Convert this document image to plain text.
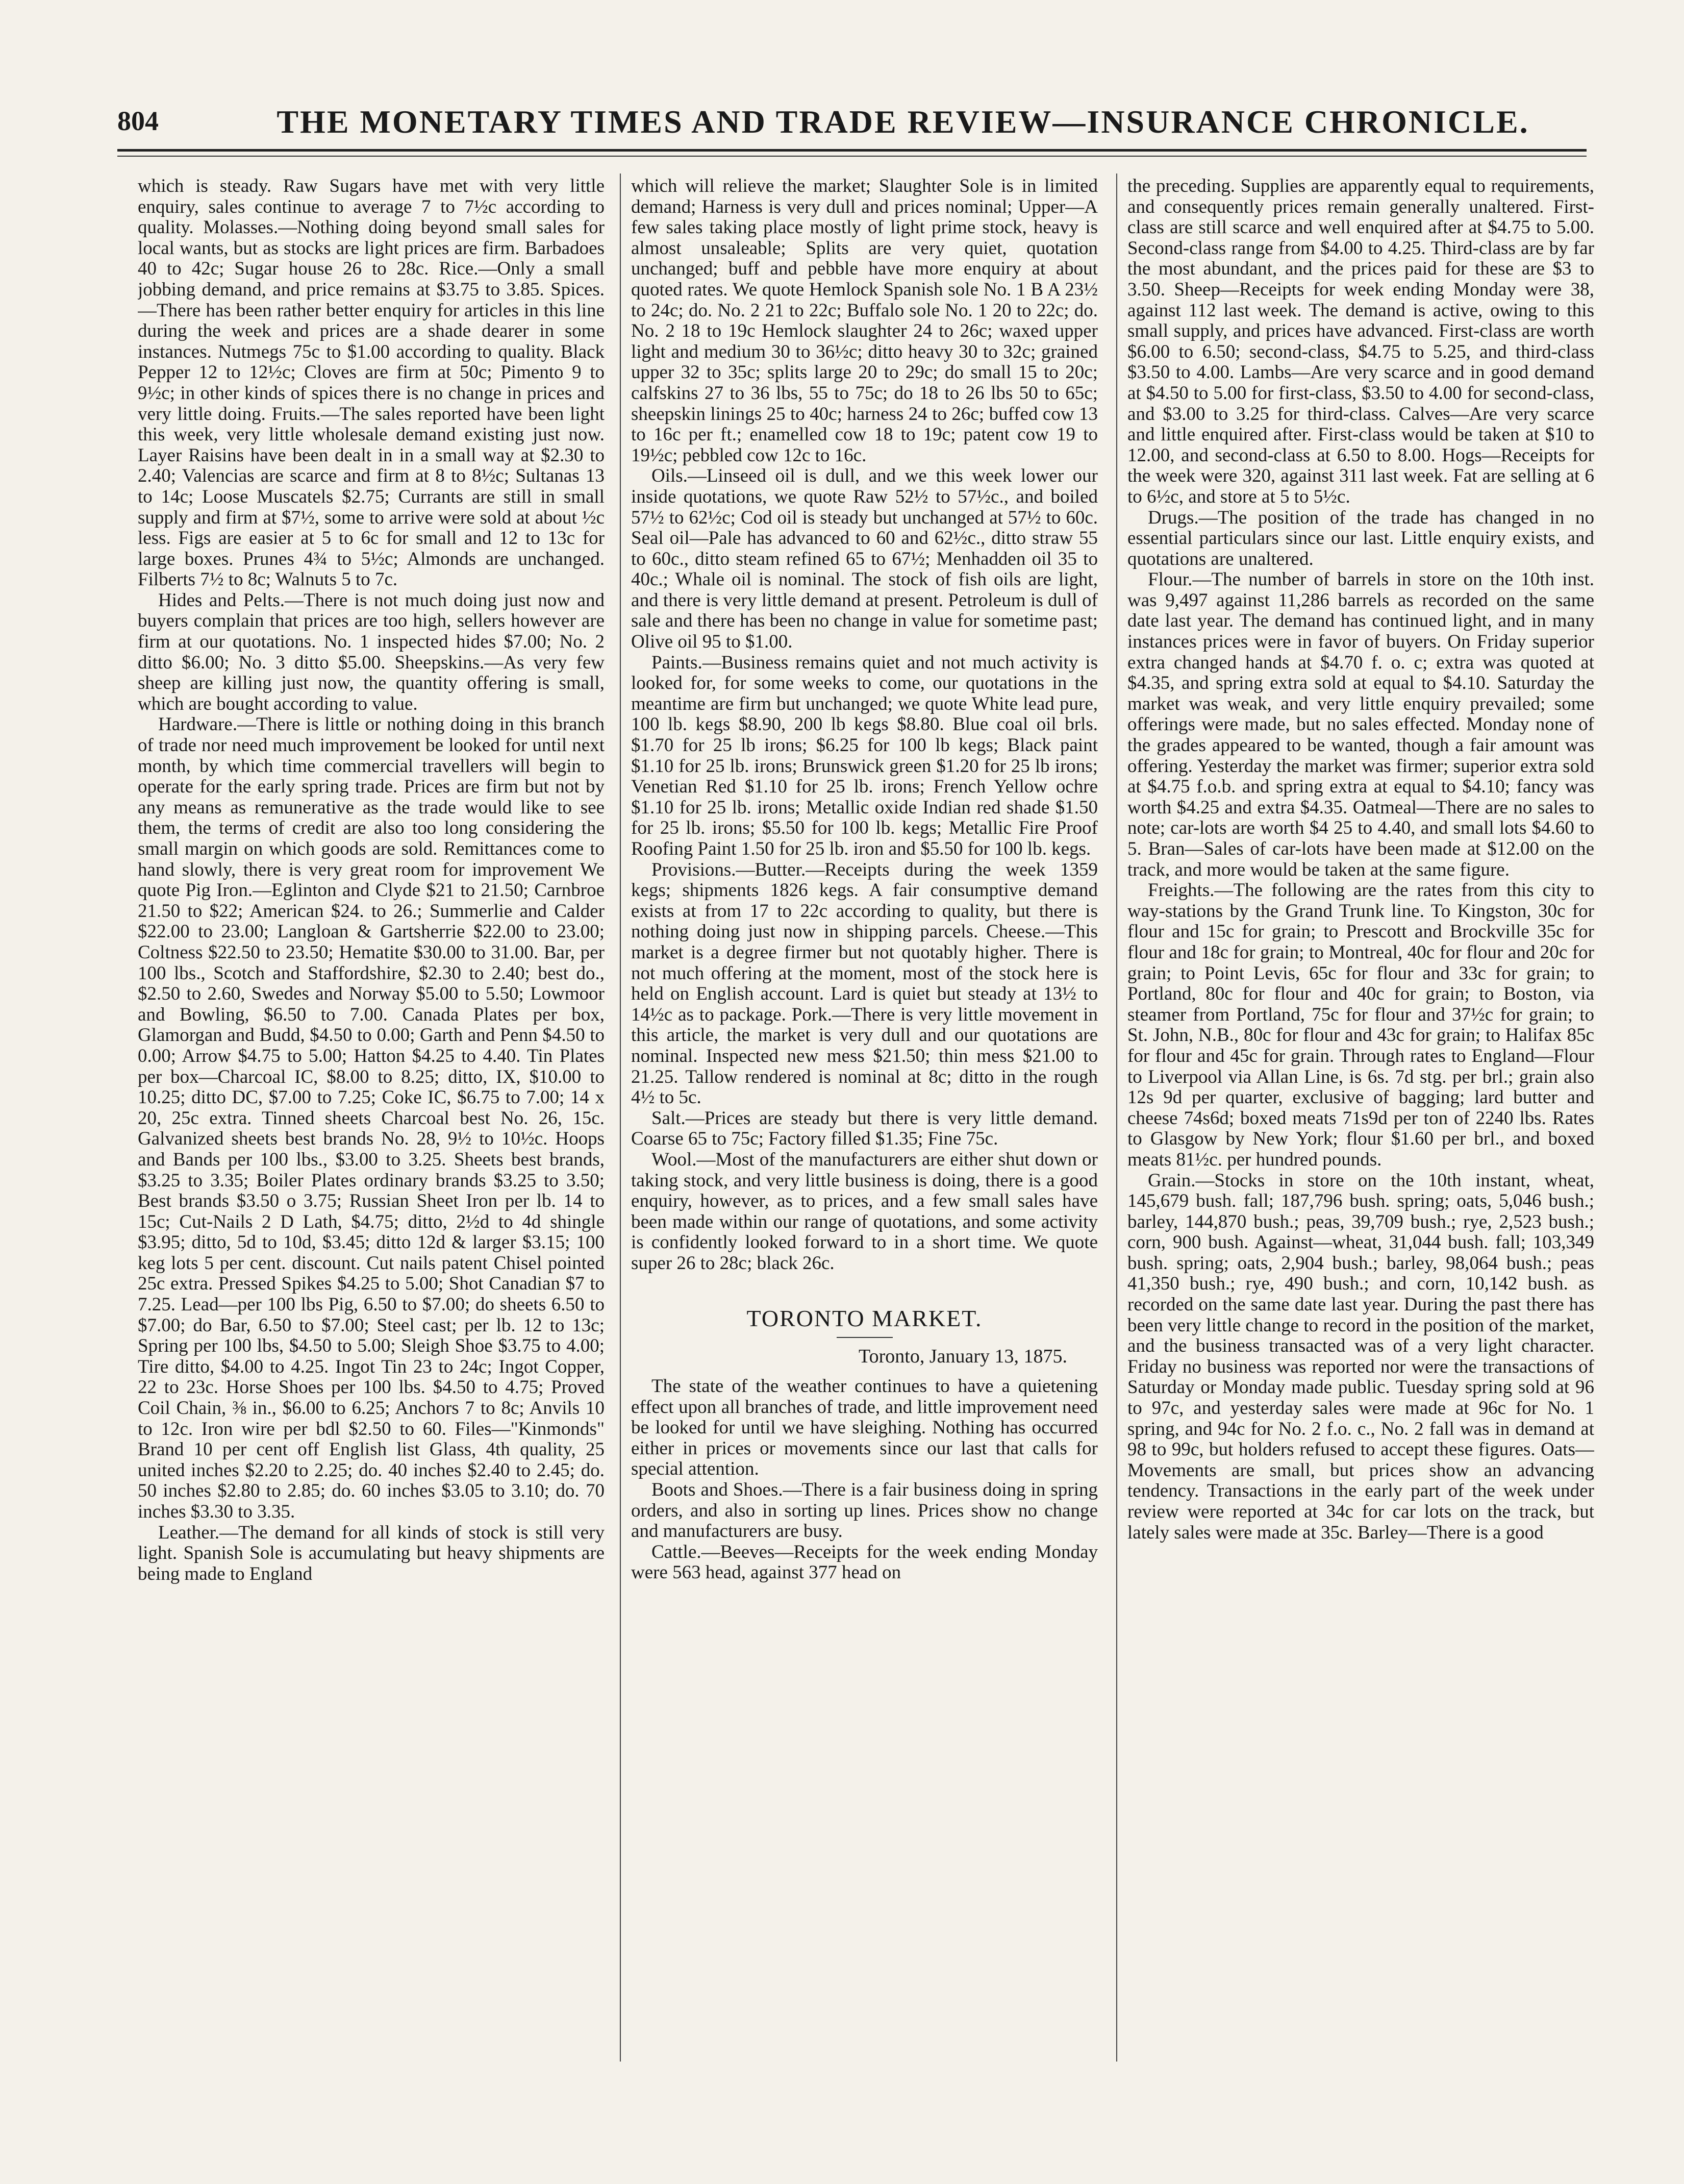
804	THE MONETARY TIMES AND TRADE REVIEW—INSURANCE CHRONICLE.

which is steady. Raw Sugars have met with very little enquiry, sales continue to average 7 to 7½c according to quality. Molasses.—Nothing doing beyond small sales for local wants, but as stocks are light prices are firm. Barbadoes 40 to 42c; Sugar house 26 to 28c. Rice.—Only a small jobbing demand, and price remains at $3.75 to 3.85. Spices.—There has been rather better enquiry for articles in this line during the week and prices are a shade dearer in some instances. Nutmegs 75c to $1.00 according to quality. Black Pepper 12 to 12½c; Cloves are firm at 50c; Pimento 9 to 9½c; in other kinds of spices there is no change in prices and very little doing. Fruits.—The sales reported have been light this week, very little wholesale demand existing just now. Layer Raisins have been dealt in in a small way at $2.30 to 2.40; Valencias are scarce and firm at 8 to 8½c; Sultanas 13 to 14c; Loose Muscatels $2.75; Currants are still in small supply and firm at $7½, some to arrive were sold at about ½c less. Figs are easier at 5 to 6c for small and 12 to 13c for large boxes. Prunes 4¾ to 5½c; Almonds are unchanged. Filberts 7½ to 8c; Walnuts 5 to 7c.

Hides and Pelts.—There is not much doing just now and buyers complain that prices are too high, sellers however are firm at our quotations. No. 1 inspected hides $7.00; No. 2 ditto $6.00; No. 3 ditto $5.00. Sheepskins.—As very few sheep are killing just now, the quantity offering is small, which are bought according to value.

Hardware.—There is little or nothing doing in this branch of trade nor need much improvement be looked for until next month, by which time commercial travellers will begin to operate for the early spring trade. Prices are firm but not by any means as remunerative as the trade would like to see them, the terms of credit are also too long considering the small margin on which goods are sold. Remittances come to hand slowly, there is very great room for improvement We quote Pig Iron.—Eglinton and Clyde $21 to 21.50; Carnbroe 21.50 to $22; American $24. to 26.; Summerlie and Calder $22.00 to 23.00; Langloan & Gartsherrie $22.00 to 23.00; Coltness $22.50 to 23.50; Hematite $30.00 to 31.00. Bar, per 100 lbs., Scotch and Staffordshire, $2.30 to 2.40; best do., $2.50 to 2.60, Swedes and Norway $5.00 to 5.50; Lowmoor and Bowling, $6.50 to 7.00. Canada Plates per box, Glamorgan and Budd, $4.50 to 0.00; Garth and Penn $4.50 to 0.00; Arrow $4.75 to 5.00; Hatton $4.25 to 4.40. Tin Plates per box—Charcoal IC, $8.00 to 8.25; ditto, IX, $10.00 to 10.25; ditto DC, $7.00 to 7.25; Coke IC, $6.75 to 7.00; 14 x 20, 25c extra. Tinned sheets Charcoal best No. 26, 15c. Galvanized sheets best brands No. 28, 9½ to 10½c. Hoops and Bands per 100 lbs., $3.00 to 3.25. Sheets best brands, $3.25 to 3.35; Boiler Plates ordinary brands $3.25 to 3.50; Best brands $3.50 o 3.75; Russian Sheet Iron per lb. 14 to 15c; Cut-Nails 2 D Lath, $4.75; ditto, 2½d to 4d shingle $3.95; ditto, 5d to 10d, $3.45; ditto 12d & larger $3.15; 100 keg lots 5 per cent. discount. Cut nails patent Chisel pointed 25c extra. Pressed Spikes $4.25 to 5.00; Shot Canadian $7 to 7.25. Lead—per 100 lbs Pig, 6.50 to $7.00; do sheets 6.50 to $7.00; do Bar, 6.50 to $7.00; Steel cast; per lb. 12 to 13c; Spring per 100 lbs, $4.50 to 5.00; Sleigh Shoe $3.75 to 4.00; Tire ditto, $4.00 to 4.25. Ingot Tin 23 to 24c; Ingot Copper, 22 to 23c. Horse Shoes per 100 lbs. $4.50 to 4.75; Proved Coil Chain, ⅜ in., $6.00 to 6.25; Anchors 7 to 8c; Anvils 10 to 12c. Iron wire per bdl $2.50 to 60. Files—"Kinmonds" Brand 10 per cent off English list Glass, 4th quality, 25 united inches $2.20 to 2.25; do. 40 inches $2.40 to 2.45; do. 50 inches $2.80 to 2.85; do. 60 inches $3.05 to 3.10; do. 70 inches $3.30 to 3.35.

Leather.—The demand for all kinds of stock is still very light. Spanish Sole is accumulating but heavy shipments are being made to England

which will relieve the market; Slaughter Sole is in limited demand; Harness is very dull and prices nominal; Upper—A few sales taking place mostly of light prime stock, heavy is almost unsaleable; Splits are very quiet, quotation unchanged; buff and pebble have more enquiry at about quoted rates. We quote Hemlock Spanish sole No. 1 B A 23½ to 24c; do. No. 2 21 to 22c; Buffalo sole No. 1 20 to 22c; do. No. 2 18 to 19c Hemlock slaughter 24 to 26c; waxed upper light and medium 30 to 36½c; ditto heavy 30 to 32c; grained upper 32 to 35c; splits large 20 to 29c; do small 15 to 20c; calfskins 27 to 36 lbs, 55 to 75c; do 18 to 26 lbs 50 to 65c; sheepskin linings 25 to 40c; harness 24 to 26c; buffed cow 13 to 16c per ft.; enamelled cow 18 to 19c; patent cow 19 to 19½c; pebbled cow 12c to 16c.

Oils.—Linseed oil is dull, and we this week lower our inside quotations, we quote Raw 52½ to 57½c., and boiled 57½ to 62½c; Cod oil is steady but unchanged at 57½ to 60c. Seal oil—Pale has advanced to 60 and 62½c., ditto straw 55 to 60c., ditto steam refined 65 to 67½; Menhadden oil 35 to 40c.; Whale oil is nominal. The stock of fish oils are light, and there is very little demand at present. Petroleum is dull of sale and there has been no change in value for sometime past; Olive oil 95 to $1.00.

Paints.—Business remains quiet and not much activity is looked for, for some weeks to come, our quotations in the meantime are firm but unchanged; we quote White lead pure, 100 lb. kegs $8.90, 200 lb kegs $8.80. Blue coal oil brls. $1.70 for 25 lb irons; $6.25 for 100 lb kegs; Black paint $1.10 for 25 lb. irons; Brunswick green $1.20 for 25 lb irons; Venetian Red $1.10 for 25 lb. irons; French Yellow ochre $1.10 for 25 lb. irons; Metallic oxide Indian red shade $1.50 for 25 lb. irons; $5.50 for 100 lb. kegs; Metallic Fire Proof Roofing Paint 1.50 for 25 lb. iron and $5.50 for 100 lb. kegs.

Provisions.—Butter.—Receipts during the week 1359 kegs; shipments 1826 kegs. A fair consumptive demand exists at from 17 to 22c according to quality, but there is nothing doing just now in shipping parcels. Cheese.—This market is a degree firmer but not quotably higher. There is not much offering at the moment, most of the stock here is held on English account. Lard is quiet but steady at 13½ to 14½c as to package. Pork.—There is very little movement in this article, the market is very dull and our quotations are nominal. Inspected new mess $21.50; thin mess $21.00 to 21.25. Tallow rendered is nominal at 8c; ditto in the rough 4½ to 5c.

Salt.—Prices are steady but there is very little demand. Coarse 65 to 75c; Factory filled $1.35; Fine 75c.

Wool.—Most of the manufacturers are either shut down or taking stock, and very little business is doing, there is a good enquiry, however, as to prices, and a few small sales have been made within our range of quotations, and some activity is confidently looked forward to in a short time. We quote super 26 to 28c; black 26c.

TORONTO MARKET.
Toronto, January 13, 1875.

The state of the weather continues to have a quietening effect upon all branches of trade, and little improvement need be looked for until we have sleighing. Nothing has occurred either in prices or movements since our last that calls for special attention.

Boots and Shoes.—There is a fair business doing in spring orders, and also in sorting up lines. Prices show no change and manufacturers are busy.

Cattle.—Beeves—Receipts for the week ending Monday were 563 head, against 377 head on

the preceding. Supplies are apparently equal to requirements, and consequently prices remain generally unaltered. First-class are still scarce and well enquired after at $4.75 to 5.00. Second-class range from $4.00 to 4.25. Third-class are by far the most abundant, and the prices paid for these are $3 to 3.50. Sheep—Receipts for week ending Monday were 38, against 112 last week. The demand is active, owing to this small supply, and prices have advanced. First-class are worth $6.00 to 6.50; second-class, $4.75 to 5.25, and third-class $3.50 to 4.00. Lambs—Are very scarce and in good demand at $4.50 to 5.00 for first-class, $3.50 to 4.00 for second-class, and $3.00 to 3.25 for third-class. Calves—Are very scarce and little enquired after. First-class would be taken at $10 to 12.00, and second-class at 6.50 to 8.00. Hogs—Receipts for the week were 320, against 311 last week. Fat are selling at 6 to 6½c, and store at 5 to 5½c.

Drugs.—The position of the trade has changed in no essential particulars since our last. Little enquiry exists, and quotations are unaltered.

Flour.—The number of barrels in store on the 10th inst. was 9,497 against 11,286 barrels as recorded on the same date last year. The demand has continued light, and in many instances prices were in favor of buyers. On Friday superior extra changed hands at $4.70 f. o. c; extra was quoted at $4.35, and spring extra sold at equal to $4.10. Saturday the market was weak, and very little enquiry prevailed; some offerings were made, but no sales effected. Monday none of the grades appeared to be wanted, though a fair amount was offering. Yesterday the market was firmer; superior extra sold at $4.75 f.o.b. and spring extra at equal to $4.10; fancy was worth $4.25 and extra $4.35. Oatmeal—There are no sales to note; car-lots are worth $4 25 to 4.40, and small lots $4.60 to 5. Bran—Sales of car-lots have been made at $12.00 on the track, and more would be taken at the same figure.

Freights.—The following are the rates from this city to way-stations by the Grand Trunk line. To Kingston, 30c for flour and 15c for grain; to Prescott and Brockville 35c for flour and 18c for grain; to Montreal, 40c for flour and 20c for grain; to Point Levis, 65c for flour and 33c for grain; to Portland, 80c for flour and 40c for grain; to Boston, via steamer from Portland, 75c for flour and 37½c for grain; to St. John, N.B., 80c for flour and 43c for grain; to Halifax 85c for flour and 45c for grain. Through rates to England—Flour to Liverpool via Allan Line, is 6s. 7d stg. per brl.; grain also 12s 9d per quarter, exclusive of bagging; lard butter and cheese 74s6d; boxed meats 71s9d per ton of 2240 lbs. Rates to Glasgow by New York; flour $1.60 per brl., and boxed meats 81½c. per hundred pounds.

Grain.—Stocks in store on the 10th instant, wheat, 145,679 bush. fall; 187,796 bush. spring; oats, 5,046 bush.; barley, 144,870 bush.; peas, 39,709 bush.; rye, 2,523 bush.; corn, 900 bush. Against—wheat, 31,044 bush. fall; 103,349 bush. spring; oats, 2,904 bush.; barley, 98,064 bush.; peas 41,350 bush.; rye, 490 bush.; and corn, 10,142 bush. as recorded on the same date last year. During the past there has been very little change to record in the position of the market, and the business transacted was of a very light character. Friday no business was reported nor were the transactions of Saturday or Monday made public. Tuesday spring sold at 96 to 97c, and yesterday sales were made at 96c for No. 1 spring, and 94c for No. 2 f.o. c., No. 2 fall was in demand at 98 to 99c, but holders refused to accept these figures. Oats—Movements are small, but prices show an advancing tendency. Transactions in the early part of the week under review were reported at 34c for car lots on the track, but lately sales were made at 35c. Barley—There is a good
